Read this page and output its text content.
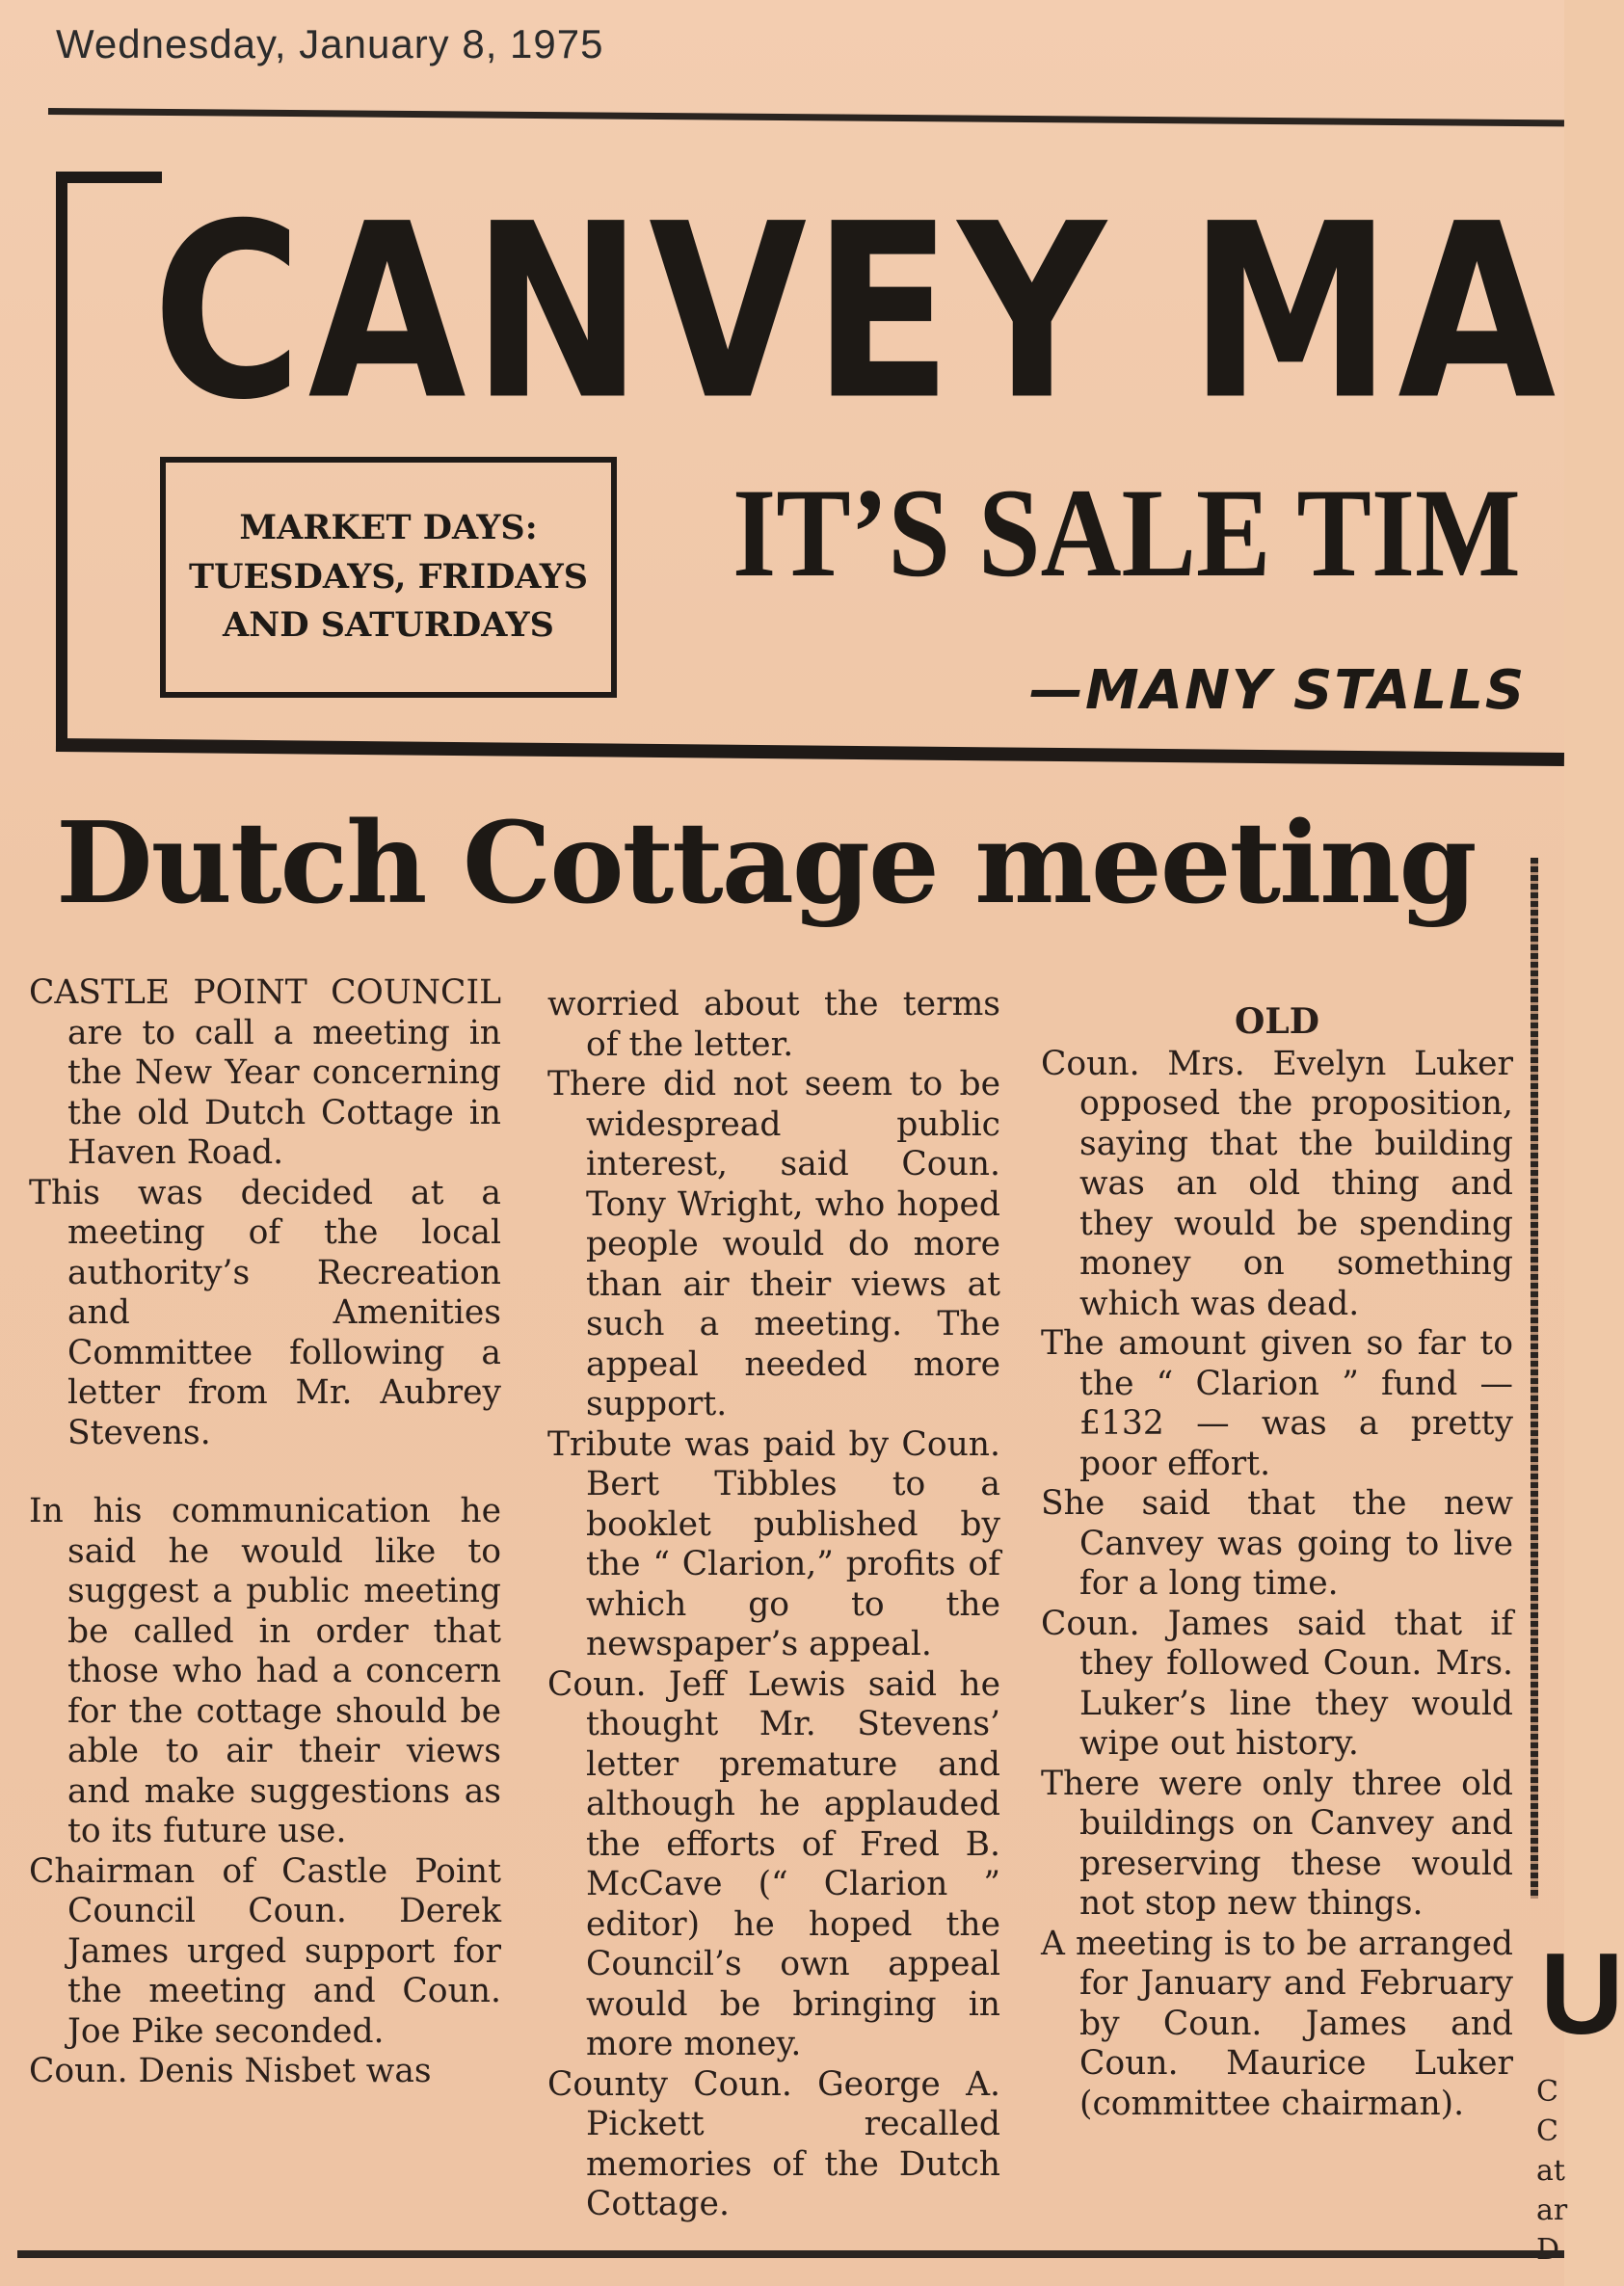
Wednesday, January 8, 1975
CANVEY MA
MARKET DAYS:
TUESDAYS, FRIDAYS
AND SATURDAYS
IT’S SALE TIM
—MANY STALLS
Dutch Cottage meeting

CASTLE POINT COUNCIL are to call a meeting in the New Year concerning the old Dutch Cottage in Haven Road.

This was decided at a meeting of the local authority’s Recreation and Amenities Committee following a letter from Mr. Aubrey Stevens.

In his communication he said he would like to suggest a public meeting be called in order that those who had a concern for the cottage should be able to air their views and make suggestions as to its future use.

Chairman of Castle Point Council Coun. Derek James urged support for the meeting and Coun. Joe Pike seconded.

Coun. Denis Nisbet was

worried about the terms of the letter.

There did not seem to be widespread public interest, said Coun. Tony Wright, who hoped people would do more than air their views at such a meeting. The appeal needed more support.

Tribute was paid by Coun. Bert Tibbles to a booklet published by the “ Clarion,” profits of which go to the newspaper’s appeal.

Coun. Jeff Lewis said he thought Mr. Stevens’ letter premature and although he applauded the efforts of Fred B. McCave (“ Clarion ” editor) he hoped the Council’s own appeal would be bringing in more money.

County Coun. George A. Pickett recalled memories of the Dutch Cottage.

OLD

Coun. Mrs. Evelyn Luker opposed the proposition, saying that the building was an old thing and they would be spending money on something which was dead.

The amount given so far to the “ Clarion ” fund — £132 — was a pretty poor effort.

She said that the new Canvey was going to live for a long time.

Coun. James said that if they followed Coun. Mrs. Luker’s line they would wipe out history.

There were only three old buildings on Canvey and preserving these would not stop new things.

A meeting is to be arranged for January and February by Coun. James and Coun. Maurice Luker (committee chairman).

U
C
C
at
ar
